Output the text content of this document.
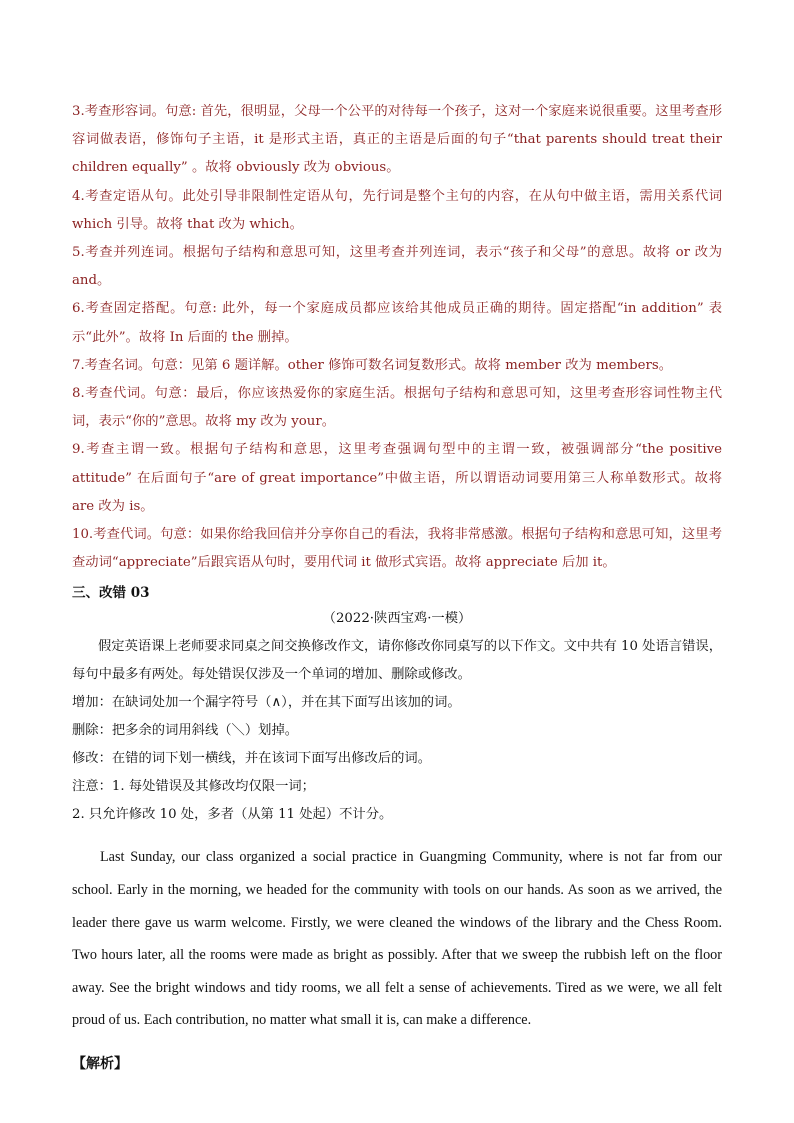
3.考查形容词。句意: 首先，很明显，父母一个公平的对待每一个孩子，这对一个家庭来说很重要。这里考查形容词做表语，修饰句子主语，it 是形式主语，真正的主语是后面的句子“that parents should treat their children equally” 。故将 obviously 改为 obvious。

4.考查定语从句。此处引导非限制性定语从句，先行词是整个主句的内容，在从句中做主语，需用关系代词 which 引导。故将 that 改为 which。

5.考查并列连词。根据句子结构和意思可知，这里考查并列连词，表示“孩子和父母”的意思。故将 or 改为 and。

6.考查固定搭配。句意: 此外，每一个家庭成员都应该给其他成员正确的期待。固定搭配“in addition” 表示“此外”。故将 In 后面的 the 删掉。

7.考查名词。句意：见第 6 题详解。other 修饰可数名词复数形式。故将 member 改为 members。

8.考查代词。句意：最后，你应该热爱你的家庭生活。根据句子结构和意思可知，这里考查形容词性物主代词，表示“你的”意思。故将 my 改为 your。

9.考查主谓一致。根据句子结构和意思，这里考查强调句型中的主谓一致，被强调部分“the positive attitude” 在后面句子“are of great importance”中做主语，所以谓语动词要用第三人称单数形式。故将 are 改为 is。

10.考查代词。句意：如果你给我回信并分享你自己的看法，我将非常感激。根据句子结构和意思可知，这里考查动词“appreciate”后跟宾语从句时，要用代词 it 做形式宾语。故将 appreciate 后加 it。

三、改错 03

（2022·陕西宝鸡·一模）

假定英语课上老师要求同桌之间交换修改作文，请你修改你同桌写的以下作文。文中共有 10 处语言错误，每句中最多有两处。每处错误仅涉及一个单词的增加、删除或修改。

增加：在缺词处加一个漏字符号（∧），并在其下面写出该加的词。

删除：把多余的词用斜线（＼）划掉。

修改：在错的词下划一横线，并在该词下面写出修改后的词。

注意：1. 每处错误及其修改均仅限一词；

2. 只允许修改 10 处，多者（从第 11 处起）不计分。

Last Sunday, our class organized a social practice in Guangming Community, where is not far from our school. Early in the morning, we headed for the community with tools on our hands. As soon as we arrived, the leader there gave us warm welcome. Firstly, we were cleaned the windows of the library and the Chess Room. Two hours later, all the rooms were made as bright as possibly. After that we sweep the rubbish left on the floor away. See the bright windows and tidy rooms, we all felt a sense of achievements. Tired as we were, we all felt proud of us. Each contribution, no matter what small it is, can make a difference.

【解析】
